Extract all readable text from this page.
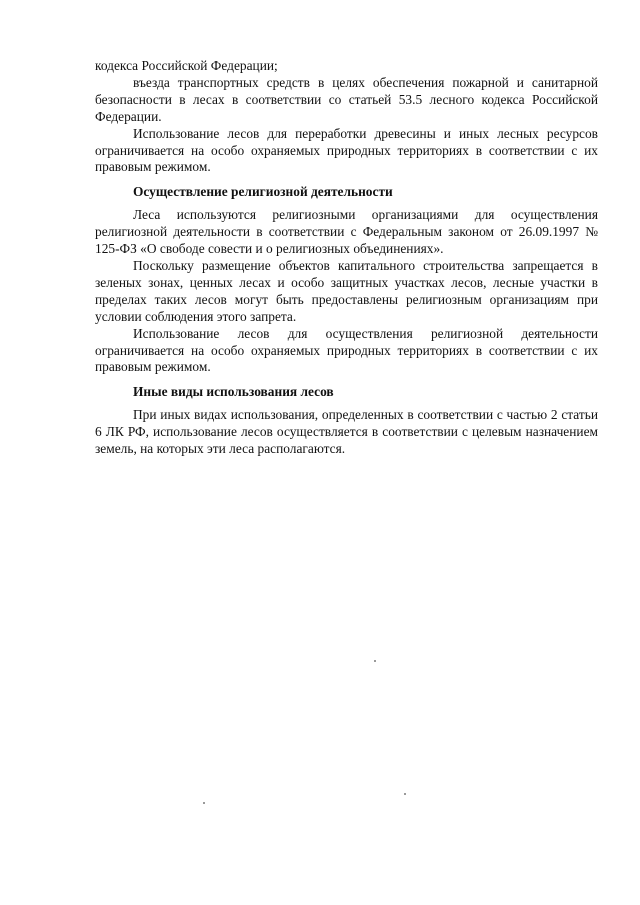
кодекса Российской Федерации;

въезда транспортных средств в целях обеспечения пожарной и санитарной безопасности в лесах в соответствии со статьей 53.5 лесного кодекса Российской Федерации.

Использование лесов для переработки древесины и иных лесных ресурсов ограничивается на особо охраняемых природных территориях в соответствии с их правовым режимом.

Осуществление религиозной деятельности

Леса используются религиозными организациями для осуществления религиозной деятельности в соответствии с Федеральным законом от 26.09.1997 № 125-ФЗ «О свободе совести и о религиозных объединениях».

Поскольку размещение объектов капитального строительства запрещается в зеленых зонах, ценных лесах и особо защитных участках лесов, лесные участки в пределах таких лесов могут быть предоставлены религиозным организациям при условии соблюдения этого запрета.

Использование лесов для осуществления религиозной деятельности ограничивается на особо охраняемых природных территориях в соответствии с их правовым режимом.

Иные виды использования лесов

При иных видах использования, определенных в соответствии с частью 2 статьи 6 ЛК РФ, использование лесов осуществляется в соответствии с целевым назначением земель, на которых эти леса располагаются.
